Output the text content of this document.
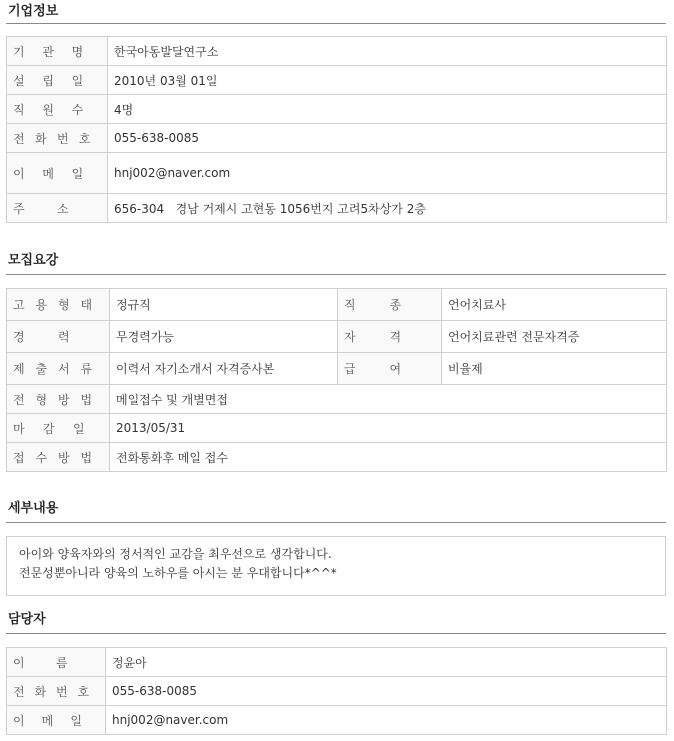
기업정보
기 관 명	한국아동발달연구소

설 립 일	2010년 03월 01일

직 원 수	4명

전 화 번 호	055-638-0085

이 메 일	hnj002@naver.com

주 소	656-304   경남 거제시 고현동 1056번지 고려5차상가 2층
모집요강
고 용 형 태	정규직	직 종	언어치료사

경 력	무경력가능	자 격	언어치료관련 전문자격증

제 출 서 류	이력서 자기소개서 자격증사본	급 여	비율제

전 형 방 법	메일접수 및 개별면접		

마 감 일	2013/05/31		

접 수 방 법	전화통화후 메일 접수		
세부내용
아이와 양육자와의 정서적인 교감을 최우선으로 생각합니다.
전문성뿐아니라 양육의 노하우를 아시는 분 우대합니다*^^*
담당자
이 름	정윤아

전 화 번 호	055-638-0085

이 메 일	hnj002@naver.com
